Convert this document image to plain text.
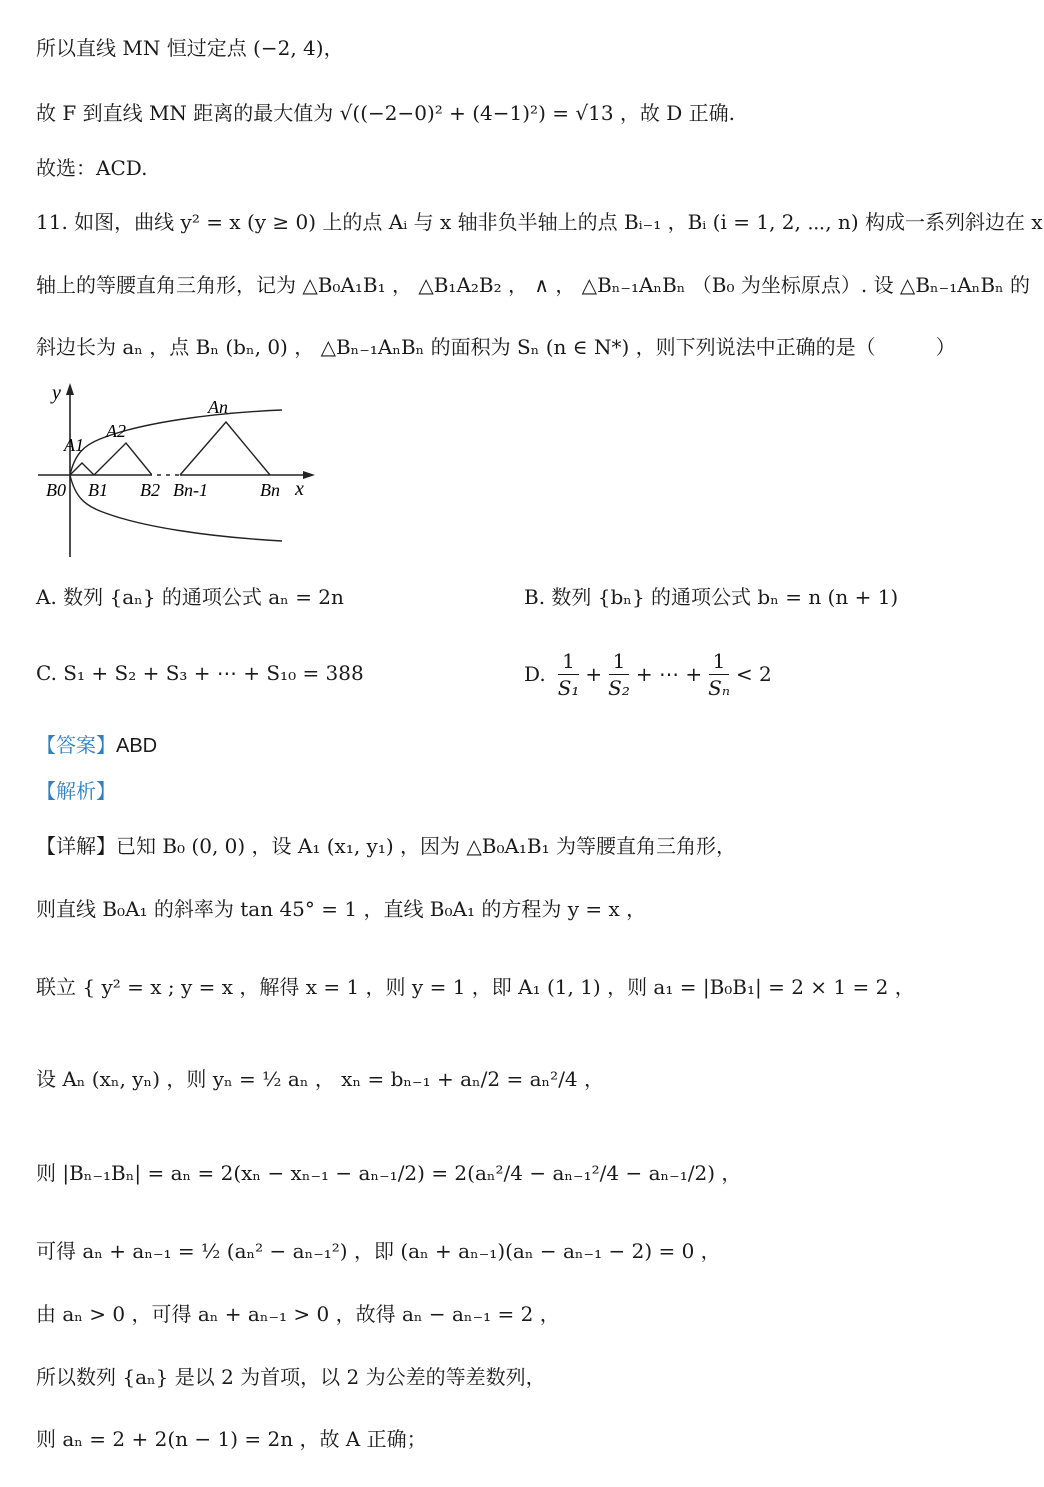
所以直线 MN 恒过定点 (−2, 4)，
故 F 到直线 MN 距离的最大值为 √((−2−0)² + (4−1)²) = √13 ，故 D 正确.
故选：ACD.
11. 如图，曲线 y² = x (y ≥ 0) 上的点 Aᵢ 与 x 轴非负半轴上的点 Bᵢ₋₁ ，Bᵢ (i = 1, 2, ⋯, n) 构成一系列斜边在 x
轴上的等腰直角三角形，记为 △B₀A₁B₁ ， △B₁A₂B₂ ， ∧ ， △Bₙ₋₁AₙBₙ （B₀ 为坐标原点）. 设 △Bₙ₋₁AₙBₙ 的
斜边长为 aₙ ，点 Bₙ (bₙ, 0) ， △Bₙ₋₁AₙBₙ 的面积为 Sₙ (n ∈ N*) ，则下列说法中正确的是（　　　）
y
x
A1
A2
An
B0 B1 B2 Bn-1	Bn
A. 数列 {aₙ} 的通项公式 aₙ = 2n	B. 数列 {bₙ} 的通项公式 bₙ = n (n + 1)
C. S₁ + S₂ + S₃ + ⋯ + S₁₀ = 388	D. $\frac{1}{\text{S₁}} + \frac{1}{\text{S₂}}$ + ⋯ + $\frac{1}{\text{Sₙ}} < 2$
【答案】ABD
【解析】
【详解】已知 B₀ (0, 0) ，设 A₁ (x₁, y₁) ，因为 △B₀A₁B₁ 为等腰直角三角形，
则直线 B₀A₁ 的斜率为 tan 45° = 1 ，直线 B₀A₁ 的方程为 y = x ，
联立 { y² = x ; y = x ，解得 x = 1 ，则 y = 1 ，即 A₁ (1, 1) ，则 a₁ = |B₀B₁| = 2 × 1 = 2 ，
设 Aₙ (xₙ, yₙ) ，则 yₙ = ½ aₙ ， xₙ = bₙ₋₁ + aₙ/2 = aₙ²/4 ，
则 |Bₙ₋₁Bₙ| = aₙ = 2(xₙ − xₙ₋₁ − aₙ₋₁/2) = 2(aₙ²/4 − aₙ₋₁²/4 − aₙ₋₁/2) ，
可得 aₙ + aₙ₋₁ = ½ (aₙ² − aₙ₋₁²) ，即 (aₙ + aₙ₋₁)(aₙ − aₙ₋₁ − 2) = 0 ，
由 aₙ > 0 ，可得 aₙ + aₙ₋₁ > 0 ，故得 aₙ − aₙ₋₁ = 2 ，
所以数列 {aₙ} 是以 2 为首项，以 2 为公差的等差数列，
则 aₙ = 2 + 2(n − 1) = 2n ，故 A 正确；
